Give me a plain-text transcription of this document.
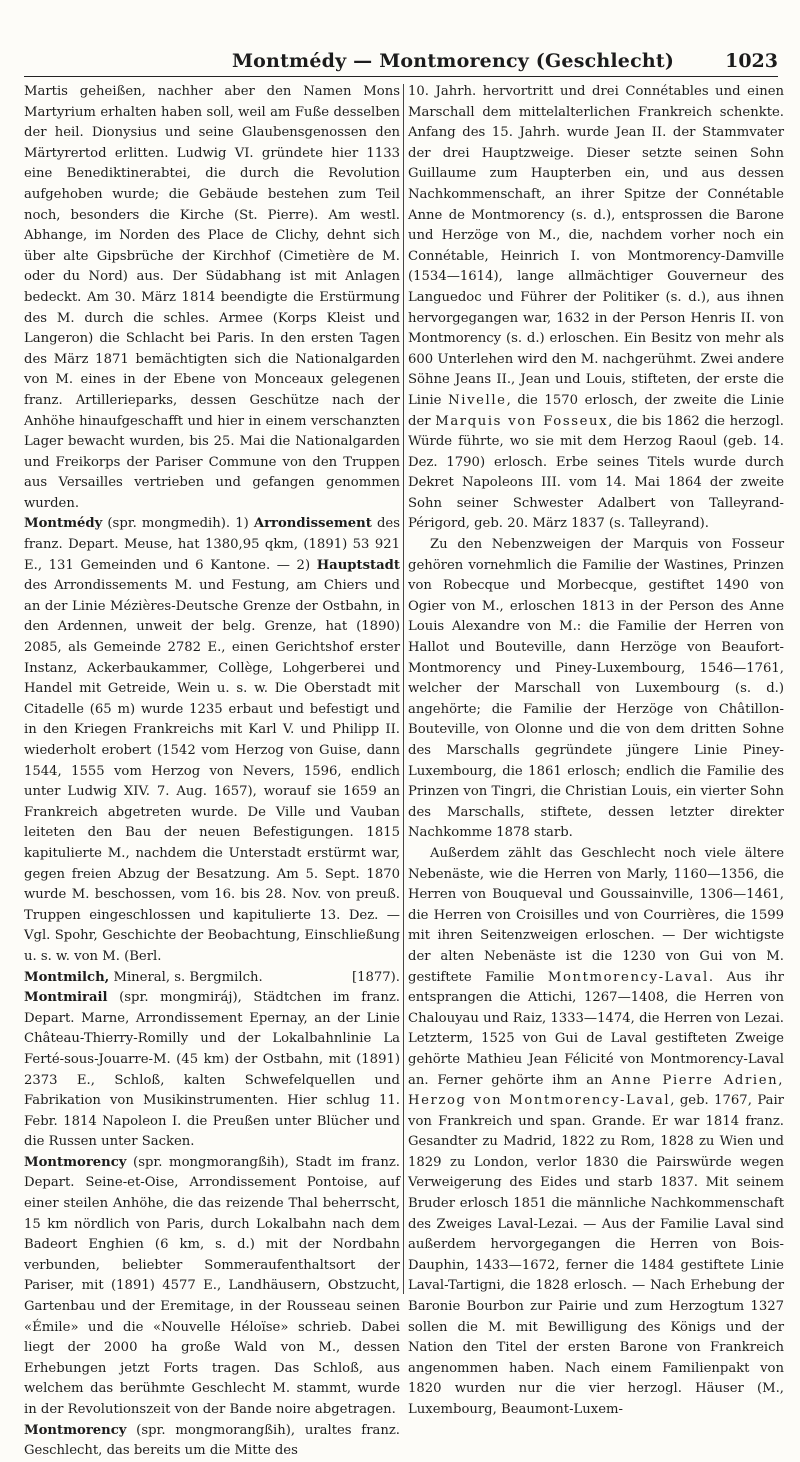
Montmédy — Montmorency (Geschlecht)	1023

Martis geheißen, nachher aber den Namen Mons Martyrium erhalten haben soll, weil am Fuße desselben der heil. Dionysius und seine Glaubensgenossen den Märtyrertod erlitten. Ludwig VI. gründete hier 1133 eine Benediktinerabtei, die durch die Revolution aufgehoben wurde; die Gebäude bestehen zum Teil noch, besonders die Kirche (St. Pierre). Am westl. Abhange, im Norden des Place de Clichy, dehnt sich über alte Gipsbrüche der Kirchhof (Cimetière de M. oder du Nord) aus. Der Südabhang ist mit Anlagen bedeckt. Am 30. März 1814 beendigte die Erstürmung des M. durch die schles. Armee (Korps Kleist und Langeron) die Schlacht bei Paris. In den ersten Tagen des März 1871 bemächtigten sich die Nationalgarden von M. eines in der Ebene von Monceaux gelegenen franz. Artillerieparks, dessen Geschütze nach der Anhöhe hinaufgeschafft und hier in einem verschanzten Lager bewacht wurden, bis 25. Mai die Nationalgarden und Freikorps der Pariser Commune von den Truppen aus Versailles vertrieben und gefangen genommen wurden.

Montmédy (spr. mongmedih). 1) Arrondissement des franz. Depart. Meuse, hat 1380,95 qkm, (1891) 53 921 E., 131 Gemeinden und 6 Kantone. — 2) Hauptstadt des Arrondissements M. und Festung, am Chiers und an der Linie Mézières-Deutsche Grenze der Ostbahn, in den Ardennen, unweit der belg. Grenze, hat (1890) 2085, als Gemeinde 2782 E., einen Gerichtshof erster Instanz, Ackerbaukammer, Collège, Lohgerberei und Handel mit Getreide, Wein u. s. w. Die Oberstadt mit Citadelle (65 m) wurde 1235 erbaut und befestigt und in den Kriegen Frankreichs mit Karl V. und Philipp II. wiederholt erobert (1542 vom Herzog von Guise, dann 1544, 1555 vom Herzog von Nevers, 1596, endlich unter Ludwig XIV. 7. Aug. 1657), worauf sie 1659 an Frankreich abgetreten wurde. De Ville und Vauban leiteten den Bau der neuen Befestigungen. 1815 kapitulierte M., nachdem die Unterstadt erstürmt war, gegen freien Abzug der Besatzung. Am 5. Sept. 1870 wurde M. beschossen, vom 16. bis 28. Nov. von preuß. Truppen eingeschlossen und kapitulierte 13. Dez. — Vgl. Spohr, Geschichte der Beobachtung, Einschließung u. s. w. von M. (Berl.

[1877).
Montmilch, Mineral, s. Bergmilch.

Montmirail (spr. mongmiráj), Städtchen im franz. Depart. Marne, Arrondissement Epernay, an der Linie Château-Thierry-Romilly und der Lokalbahnlinie La Ferté-sous-Jouarre-M. (45 km) der Ostbahn, mit (1891) 2373 E., Schloß, kalten Schwefelquellen und Fabrikation von Musikinstrumenten. Hier schlug 11. Febr. 1814 Napoleon I. die Preußen unter Blücher und die Russen unter Sacken.

Montmorency (spr. mongmorangßih), Stadt im franz. Depart. Seine-et-Oise, Arrondissement Pontoise, auf einer steilen Anhöhe, die das reizende Thal beherrscht, 15 km nördlich von Paris, durch Lokalbahn nach dem Badeort Enghien (6 km, s. d.) mit der Nordbahn verbunden, beliebter Sommeraufenthaltsort der Pariser, mit (1891) 4577 E., Landhäusern, Obstzucht, Gartenbau und der Eremitage, in der Rousseau seinen «Émile» und die «Nouvelle Héloïse» schrieb. Dabei liegt der 2000 ha große Wald von M., dessen Erhebungen jetzt Forts tragen. Das Schloß, aus welchem das berühmte Geschlecht M. stammt, wurde in der Revolutionszeit von der Bande noire abgetragen.

Montmorency (spr. mongmorangßih), uraltes franz. Geschlecht, das bereits um die Mitte des

10. Jahrh. hervortritt und drei Connétables und einen Marschall dem mittelalterlichen Frankreich schenkte. Anfang des 15. Jahrh. wurde Jean II. der Stammvater der drei Hauptzweige. Dieser setzte seinen Sohn Guillaume zum Haupterben ein, und aus dessen Nachkommenschaft, an ihrer Spitze der Connétable Anne de Montmorency (s. d.), entsprossen die Barone und Herzöge von M., die, nachdem vorher noch ein Connétable, Heinrich I. von Montmorency-Damville (1534—1614), lange allmächtiger Gouverneur des Languedoc und Führer der Politiker (s. d.), aus ihnen hervorgegangen war, 1632 in der Person Henris II. von Montmorency (s. d.) erloschen. Ein Besitz von mehr als 600 Unterlehen wird den M. nachgerühmt. Zwei andere Söhne Jeans II., Jean und Louis, stifteten, der erste die Linie Nivelle, die 1570 erlosch, der zweite die Linie der Marquis von Fosseux, die bis 1862 die herzogl. Würde führte, wo sie mit dem Herzog Raoul (geb. 14. Dez. 1790) erlosch. Erbe seines Titels wurde durch Dekret Napoleons III. vom 14. Mai 1864 der zweite Sohn seiner Schwester Adalbert von Talleyrand-Périgord, geb. 20. März 1837 (s. Talleyrand).

Zu den Nebenzweigen der Marquis von Fosseur gehören vornehmlich die Familie der Wastines, Prinzen von Robecque und Morbecque, gestiftet 1490 von Ogier von M., erloschen 1813 in der Person des Anne Louis Alexandre von M.: die Familie der Herren von Hallot und Bouteville, dann Herzöge von Beaufort-Montmorency und Piney-Luxembourg, 1546—1761, welcher der Marschall von Luxembourg (s. d.) angehörte; die Familie der Herzöge von Châtillon-Bouteville, von Olonne und die von dem dritten Sohne des Marschalls gegründete jüngere Linie Piney-Luxembourg, die 1861 erlosch; endlich die Familie des Prinzen von Tingri, die Christian Louis, ein vierter Sohn des Marschalls, stiftete, dessen letzter direkter Nachkomme 1878 starb.

Außerdem zählt das Geschlecht noch viele ältere Nebenäste, wie die Herren von Marly, 1160—1356, die Herren von Bouqueval und Goussainville, 1306—1461, die Herren von Croisilles und von Courrières, die 1599 mit ihren Seitenzweigen erloschen. — Der wichtigste der alten Nebenäste ist die 1230 von Gui von M. gestiftete Familie Montmorency-Laval. Aus ihr entsprangen die Attichi, 1267—1408, die Herren von Chalouyau und Raiz, 1333—1474, die Herren von Lezai. Letzterm, 1525 von Gui de Laval gestifteten Zweige gehörte Mathieu Jean Félicité von Montmorency-Laval an. Ferner gehörte ihm an Anne Pierre Adrien, Herzog von Montmorency-Laval, geb. 1767, Pair von Frankreich und span. Grande. Er war 1814 franz. Gesandter zu Madrid, 1822 zu Rom, 1828 zu Wien und 1829 zu London, verlor 1830 die Pairswürde wegen Verweigerung des Eides und starb 1837. Mit seinem Bruder erlosch 1851 die männliche Nachkommenschaft des Zweiges Laval-Lezai. — Aus der Familie Laval sind außerdem hervorgegangen die Herren von Bois-Dauphin, 1433—1672, ferner die 1484 gestiftete Linie Laval-Tartigni, die 1828 erlosch. — Nach Erhebung der Baronie Bourbon zur Pairie und zum Herzogtum 1327 sollen die M. mit Bewilligung des Königs und der Nation den Titel der ersten Barone von Frankreich angenommen haben. Nach einem Familienpakt von 1820 wurden nur die vier herzogl. Häuser (M., Luxembourg, Beaumont-Luxem-
